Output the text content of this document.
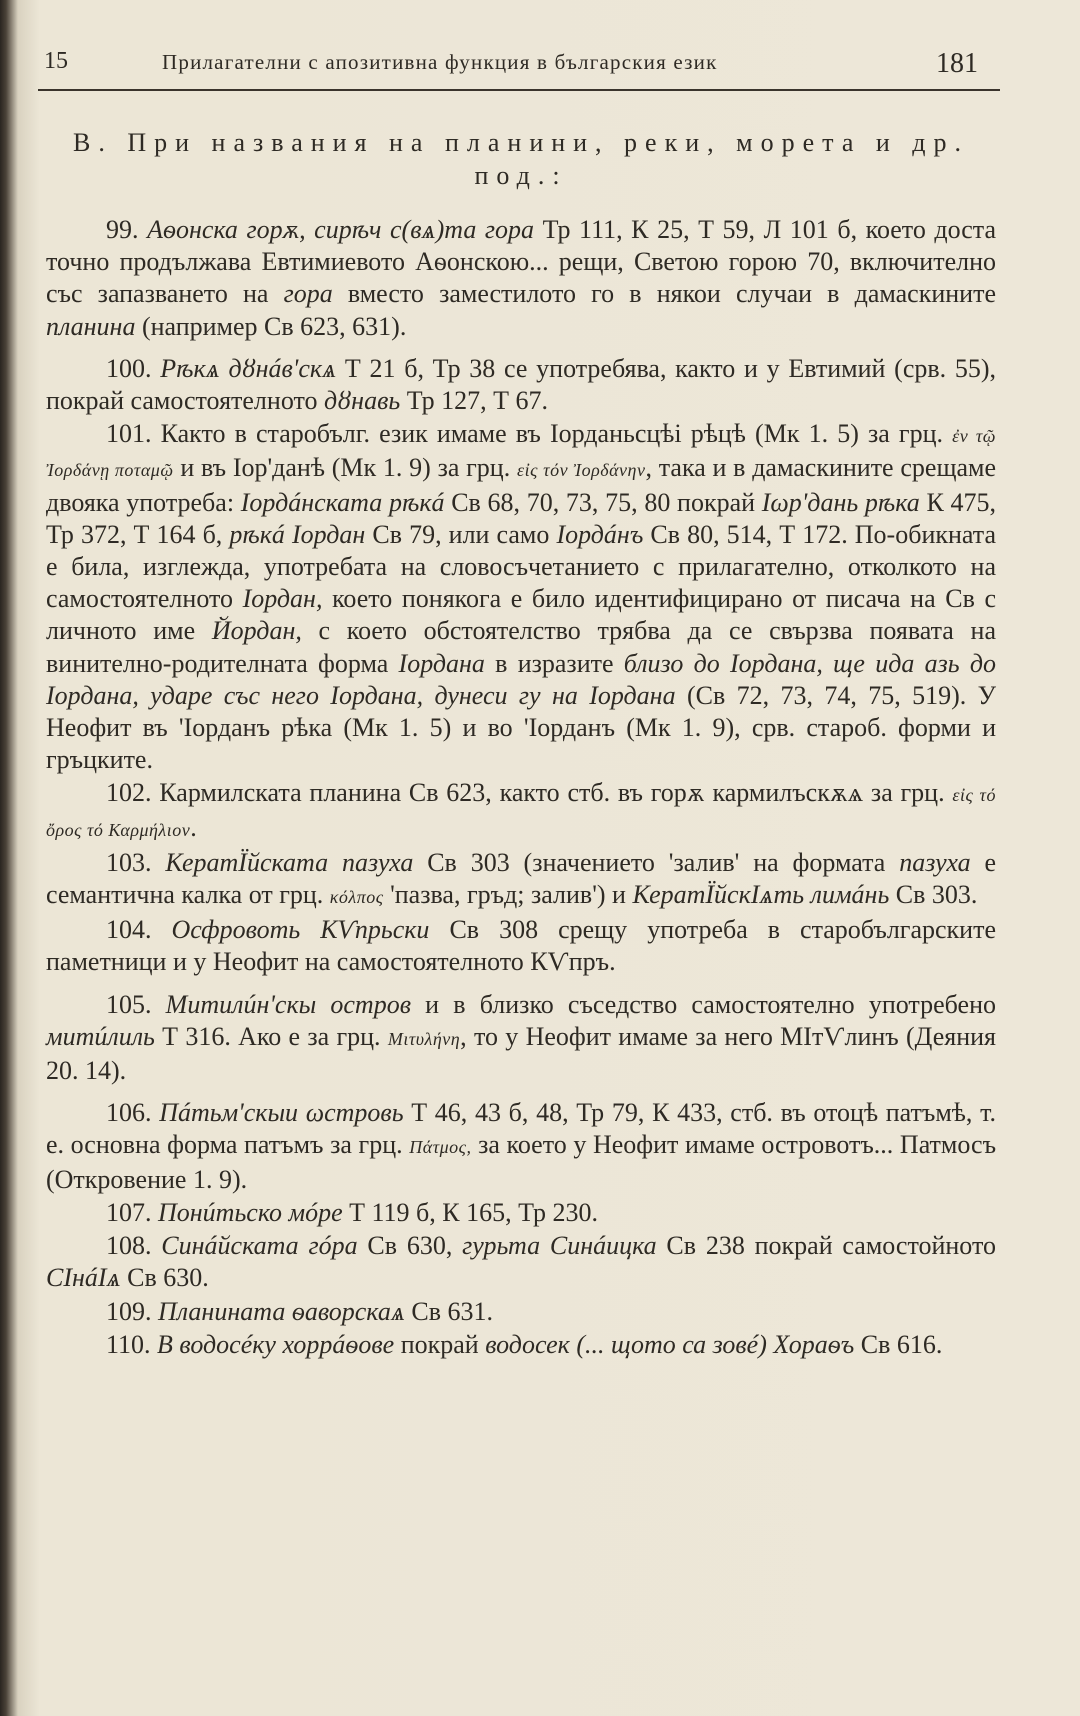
15	Прилагателни с апозитивна функция в българския език	181
В. При названия на планини, реки, морета и др.
под.:

99. Аѳонска горѫ, сирѣч с(вѧ)та гора Тр 111, К 25, Т 59, Л 101 б, което доста точно продължава Евтимиевото Аѳонскою... рещи, Светою горою 70, включително със запазването на гора вместо заместилото го в някои случаи в дамаскините планина (например Св 623, 631).

100. Рѣкѧ дȣнáв'скѧ Т 21 б, Тр 38 се употребява, както и у Евтимий (срв. 55), покрай самостоятелното дȣнавь Тр 127, Т 67.

101. Както в старобълг. език имаме въ Іорданьсцѣі рѣцѣ (Мк 1. 5) за грц. ἐν τῷ Ἰορδάνῃ ποταμῷ и въ Іор'данѣ (Мк 1. 9) за грц. εἰς τόν Ἰορδάνην, така и в дамаскините срещаме двояка употреба: Іордáнската рѣкá Св 68, 70, 73, 75, 80 покрай Іωр'дань рѣка К 475, Тр 372, Т 164 б, рѣкá Іордан Св 79, или само Іордáнъ Св 80, 514, Т 172. По-обикната е била, изглежда, употребата на словосъчетанието с прилагателно, отколкото на самостоятелното Іордан, което понякога е било идентифицирано от писача на Св с личното име Йордан, с което обстоятелство трябва да се свързва появата на винително-родителната форма Іордана в изразите близо до Іордана, ще ида азь до Іордана, ударе със него Іордана, дунеси гу на Іордана (Св 72, 73, 74, 75, 519). У Неофит въ 'Іорданъ рѣка (Мк 1. 5) и во 'Іорданъ (Мк 1. 9), срв. староб. форми и гръцките.

102. Кармилската планина Св 623, както стб. въ горѫ кармилъскѫѧ за грц. εἰς τό ὄρος τό Καρμήλιον.

103. КератЇйската пазуха Св 303 (значението 'залив' на формата пазуха е семантична калка от грц. κόλπος 'пазва, гръд; залив') и КератЇйскІѧть лимáнь Св 303.

104. Осфровоть КѴпрьски Св 308 срещу употреба в старобългарските паметници и у Неофит на самостоятелното КѴпръ.

105. Митилúн'скы остров и в близко съседство самостоятелно употребено митúлиль Т 316. Ако е за грц. Μιτυλήνη, то у Неофит имаме за него МІтѴлинъ (Деяния 20. 14).

106. Пáтьм'скыи ωстровь Т 46, 43 б, 48, Тр 79, К 433, стб. въ отоцѣ патъмѣ, т. е. основна форма патъмъ за грц. Πάτμος, за което у Неофит имаме островотъ... Патмосъ (Откровение 1. 9).

107. Понúтьско мóре Т 119 б, К 165, Тр 230.

108. Синáйската гóра Св 630, гурьта Синáицка Св 238 покрай самостойното СІнáІѧ Св 630.

109. Планината ѳаворскаѧ Св 631.

110. В водосéку хоррáѳове покрай водосек (... щото са зовé) Хораѳъ Св 616.
